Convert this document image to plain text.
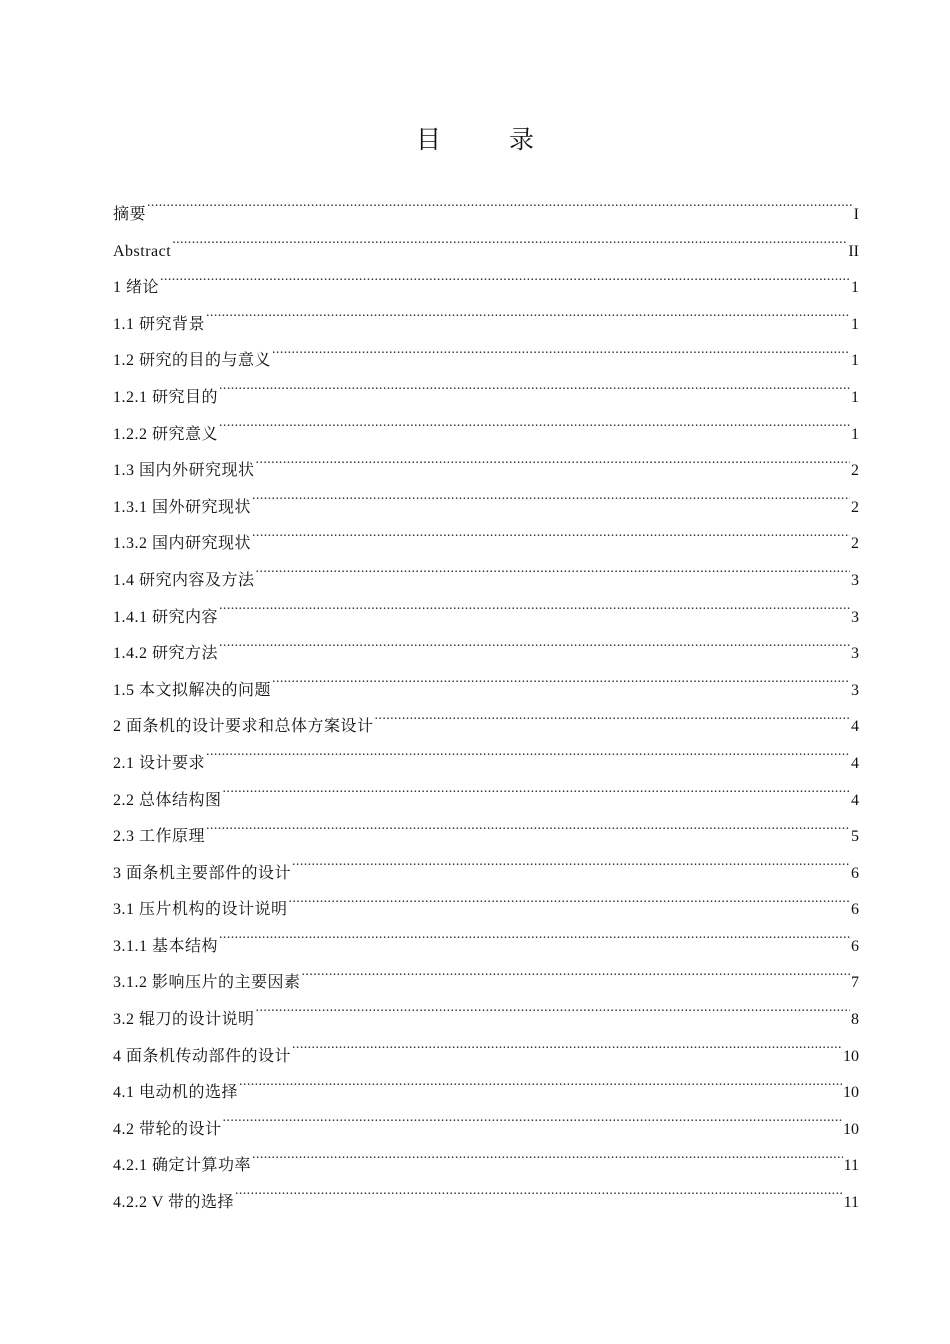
目 录
摘要 .....	I
Abstract .....	II
1 绪论 .....	1
1.1 研究背景 .....	1
1.2 研究的目的与意义 .....	1
1.2.1 研究目的 .....	1
1.2.2 研究意义 .....	1
1.3 国内外研究现状 .....	2
1.3.1 国外研究现状 .....	2
1.3.2 国内研究现状 .....	2
1.4 研究内容及方法 .....	3
1.4.1 研究内容 .....	3
1.4.2 研究方法 .....	3
1.5 本文拟解决的问题 .....	3
2 面条机的设计要求和总体方案设计 .....	4
2.1 设计要求 .....	4
2.2 总体结构图 .....	4
2.3 工作原理 .....	5
3 面条机主要部件的设计 .....	6
3.1 压片机构的设计说明 .....	6
3.1.1 基本结构 .....	6
3.1.2 影响压片的主要因素 .....	7
3.2 辊刀的设计说明 .....	8
4 面条机传动部件的设计 .....	10
4.1 电动机的选择 .....	10
4.2 带轮的设计 .....	10
4.2.1 确定计算功率 .....	11
4.2.2 V 带的选择 .....	11
